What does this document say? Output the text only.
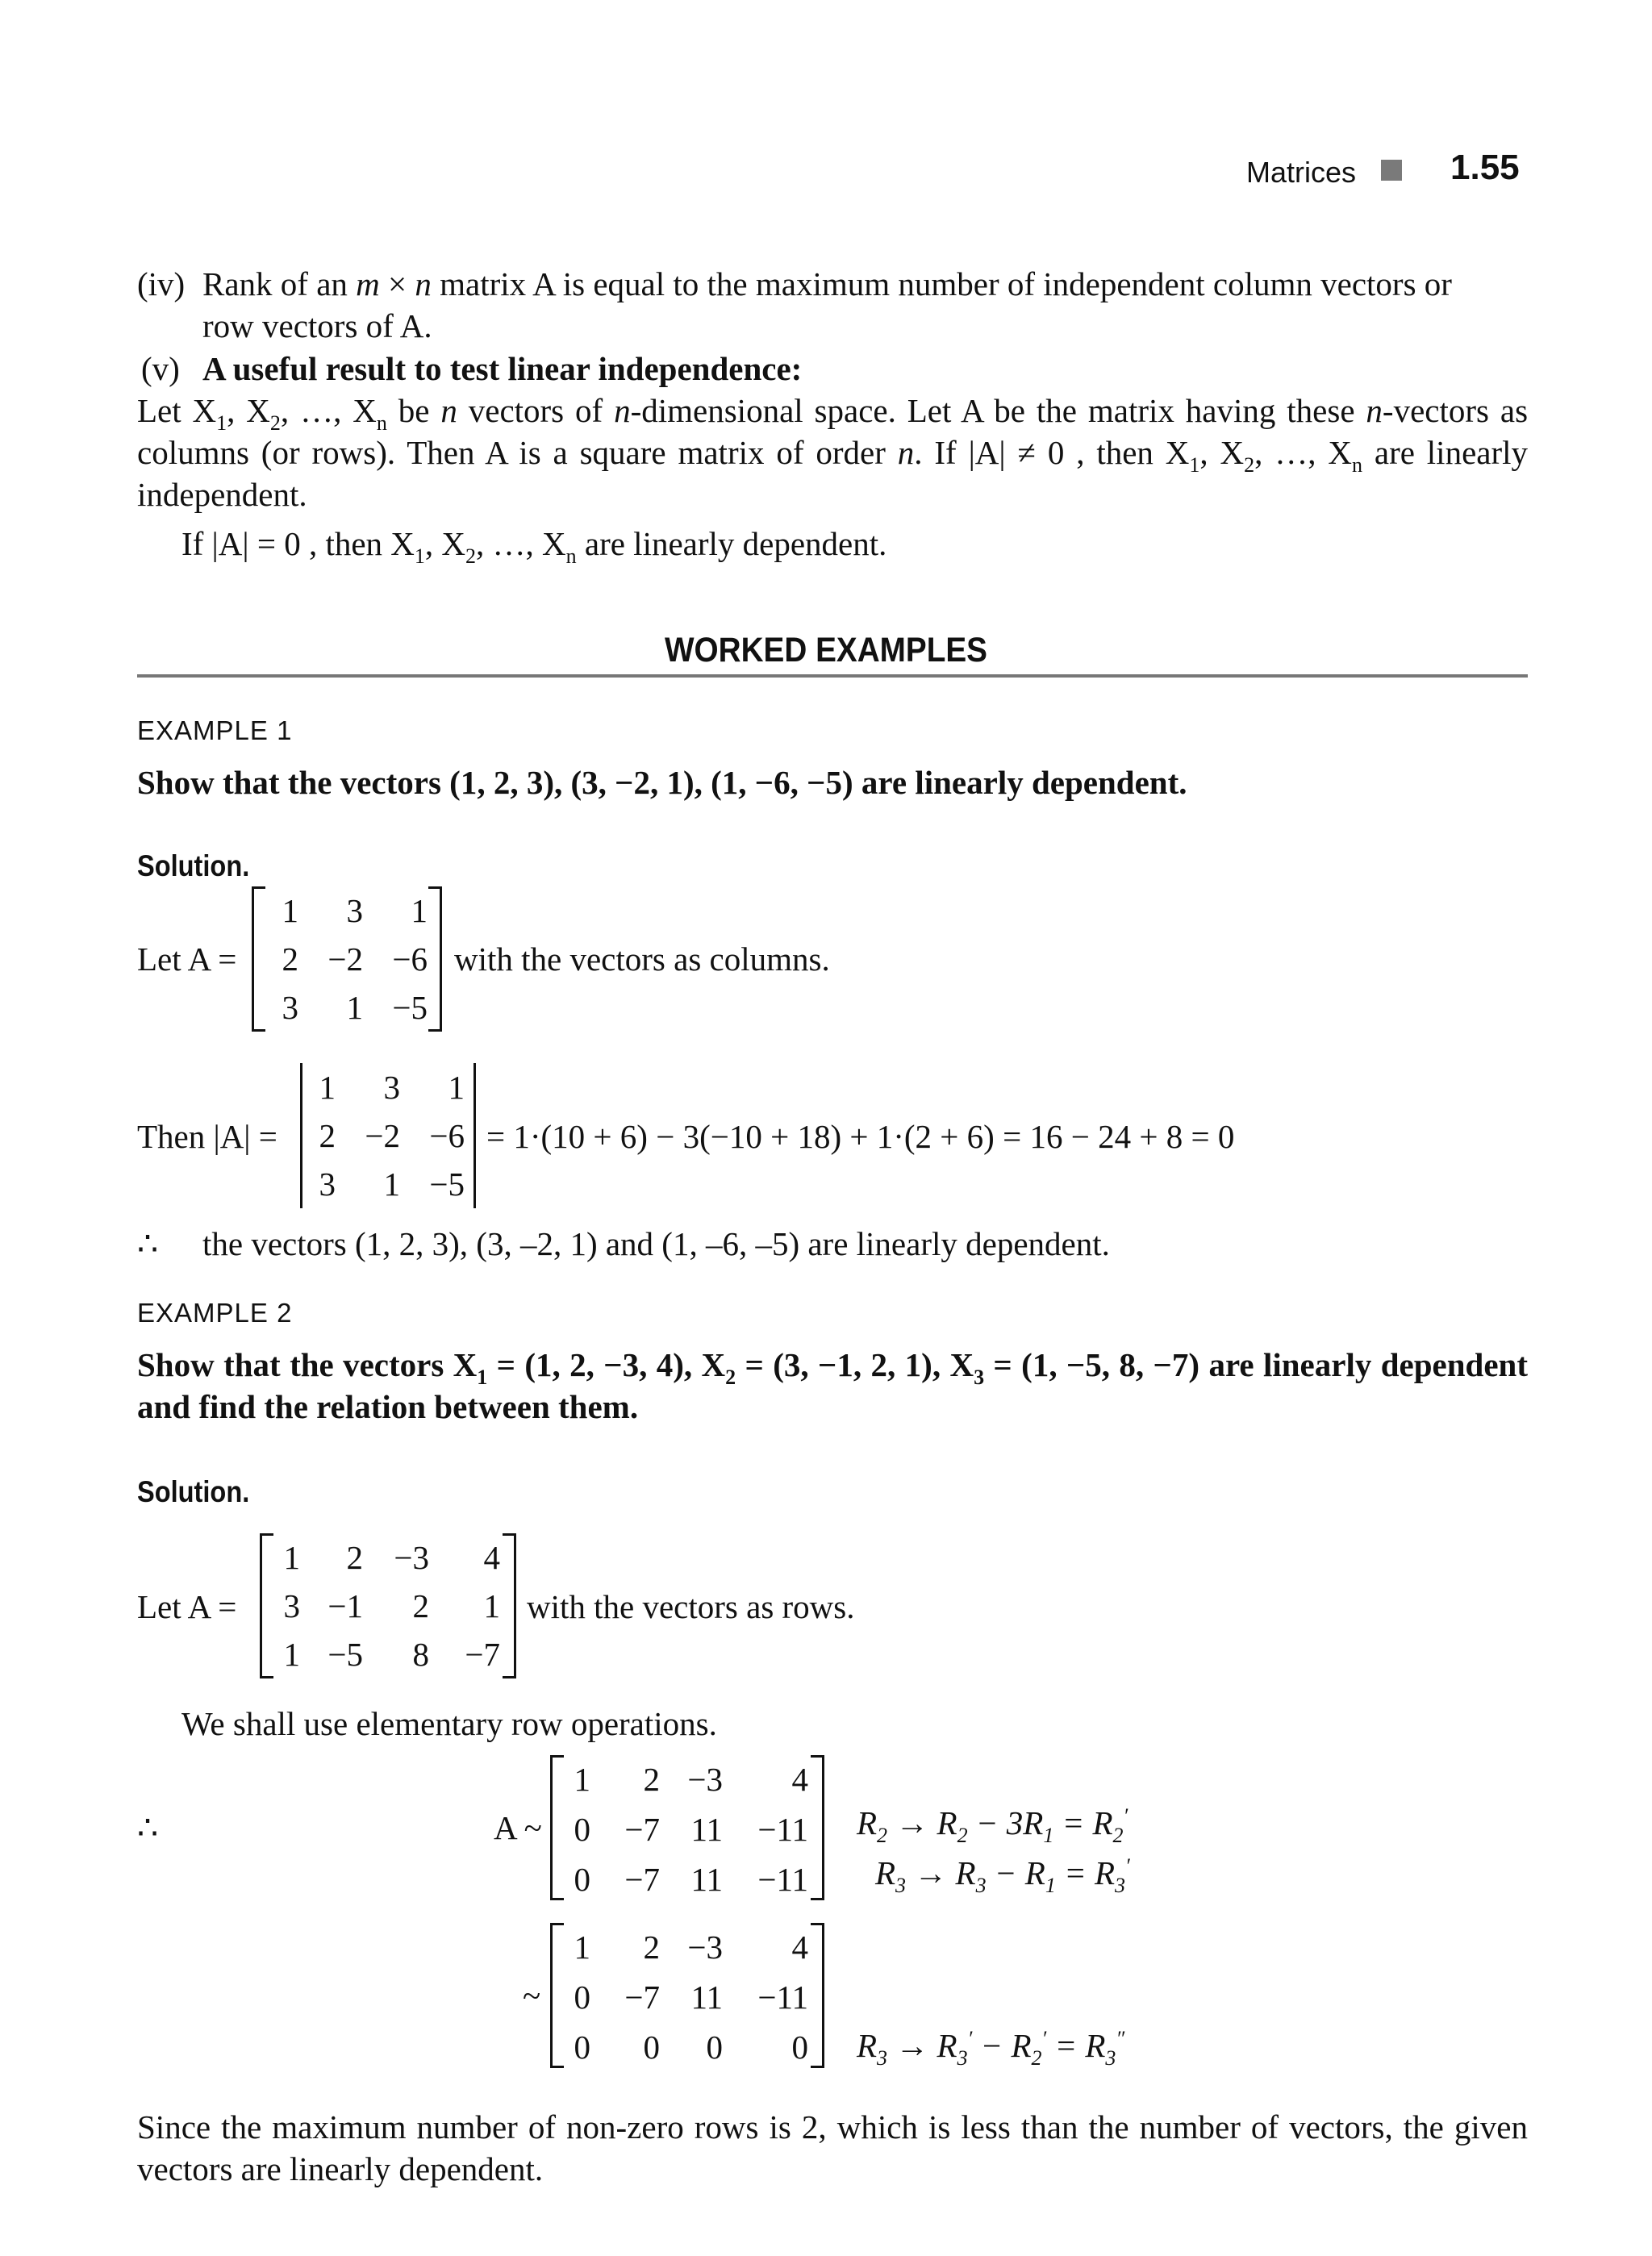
Matrices	1.55
(iv) Rank of an m × n matrix A is equal to the maximum number of independent column vectors or
row vectors of A.
(v) A useful result to test linear independence:
Let $X_1$, $X_2$, …, $X_n$ be n vectors of n-dimensional space. Let A be the matrix having these n-vectors as columns (or rows). Then A is a square matrix of order n. If |A| ≠ 0 , then $X_1$, $X_2$, …, $X_n$ are linearly independent.
If |A| = 0 , then $X_1$, $X_2$, …, $X_n$ are linearly dependent.
WORKED EXAMPLES
EXAMPLE 1
Show that the vectors (1, 2, 3), (3, −2, 1), (1, −6, −5) are linearly dependent.
Solution.
Let A =
1 3 1
2 −2 −6
3 1 −5
with the vectors as columns.
Then |A| =
1 3 1
2 −2 −6
3 1 −5
= 1·(10 + 6) − 3(−10 + 18) + 1·(2 + 6) = 16 − 24 + 8 = 0
∴ the vectors (1, 2, 3), (3, –2, 1) and (1, –6, –5) are linearly dependent.
EXAMPLE 2
Show that the vectors $X_1 = (1$, 2, −3, 4), $X_2 = (3$, −1, 2, 1), $X_3 = (1$, −5, 8, −7) are linearly dependent and find the relation between them.
Solution.
Let A =
1 2 −3 4
3 −1 2 1
1 −5 8 −7
with the vectors as rows.
We shall use elementary row operations.
∴	A ~
1 2 −3 4
0 −7 11 −11
0 −7 11 −11
$R_2 \to R_2 - 3R_1 = R_2'$
$R_3 \to R_3 - R_1 = R_3'$
~
1 2 −3 4
0 −7 11 −11
0 0 0 0 $R_3 \to R_3' - R_2' = R_3''$
Since the maximum number of non-zero rows is 2, which is less than the number of vectors, the given vectors are linearly dependent.
